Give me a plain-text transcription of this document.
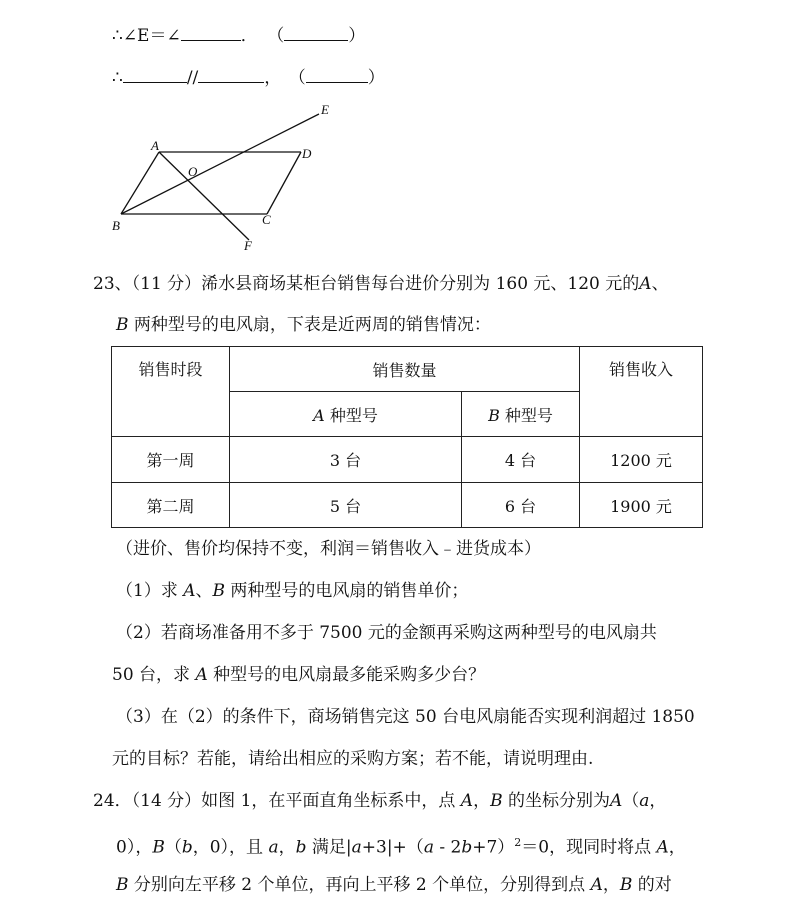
∴∠E＝∠	． （	）
∴	//	， （	）
A
O
E
D
B	C
F
23、（11 分）浠水县商场某柜台销售每台进价分别为 160 元、120 元的A、
B 两种型号的电风扇，下表是近两周的销售情况：
销售时段	销售数量		销售收入
	A 种型号	B 种型号	
第一周	3 台	4 台	1200 元
第二周	5 台	6 台	1900 元
（进价、售价均保持不变，利润＝销售收入﹣进货成本）
（1）求 A、B 两种型号的电风扇的销售单价；
（2）若商场准备用不多于 7500 元的金额再采购这两种型号的电风扇共
50 台，求 A 种型号的电风扇最多能采购多少台？
（3）在（2）的条件下，商场销售完这 50 台电风扇能否实现利润超过 1850
元的目标？若能，请给出相应的采购方案；若不能，请说明理由.
24．（14 分）如图 1，在平面直角坐标系中，点 A，B 的坐标分别为A（a，
0），B（b，0），且 a，b 满足$|a+3|+(a - 2b+7)^2=0$，现同时将点 A，
B 分别向左平移 2 个单位，再向上平移 2 个单位，分别得到点 A，B 的对
